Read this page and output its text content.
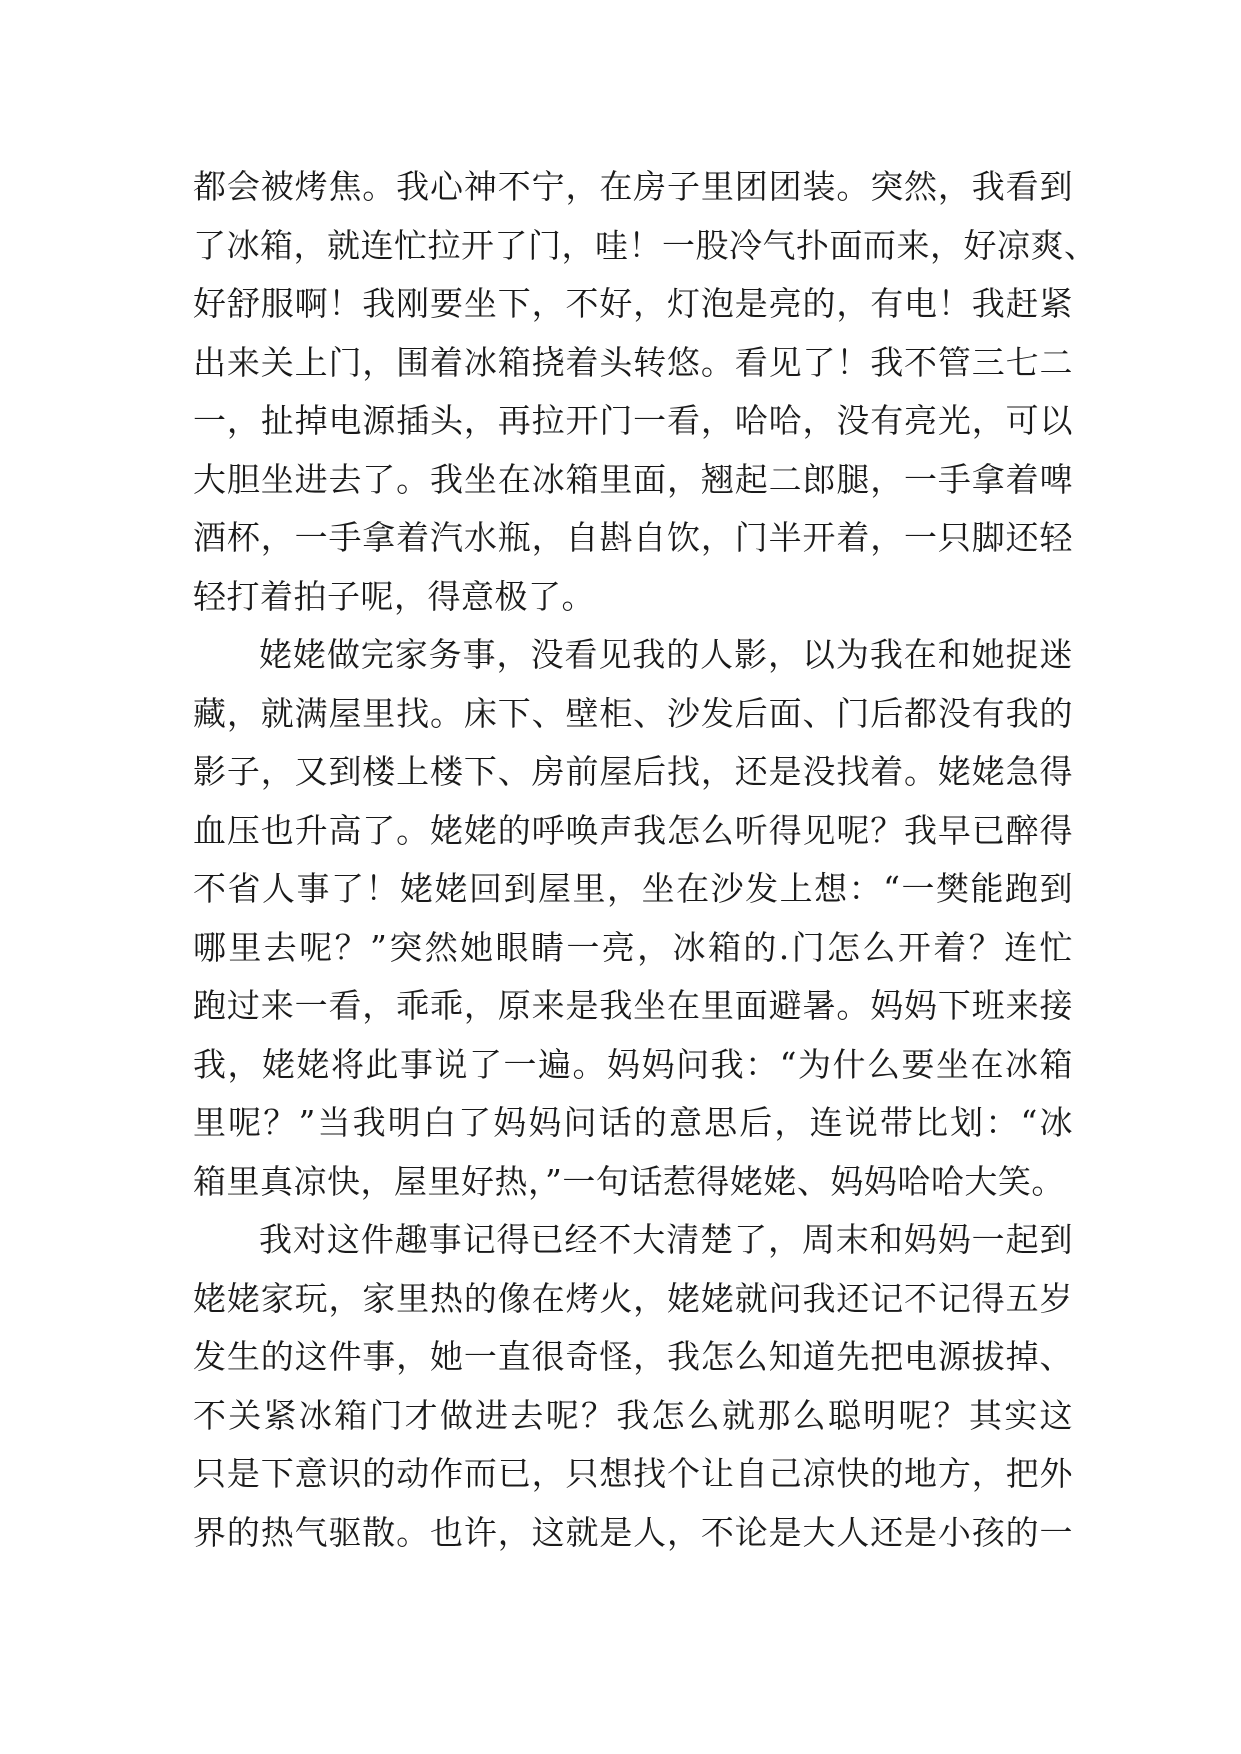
都会被烤焦。我心神不宁，在房子里团团装。突然，我看到
了冰箱，就连忙拉开了门，哇！一股冷气扑面而来，好凉爽、
好舒服啊！我刚要坐下，不好，灯泡是亮的，有电！我赶紧
出来关上门，围着冰箱挠着头转悠。看见了！我不管三七二
一，扯掉电源插头，再拉开门一看，哈哈，没有亮光，可以
大胆坐进去了。我坐在冰箱里面，翘起二郎腿，一手拿着啤
酒杯，一手拿着汽水瓶，自斟自饮，门半开着，一只脚还轻
轻打着拍子呢，得意极了。
姥姥做完家务事，没看见我的人影，以为我在和她捉迷
藏，就满屋里找。床下、壁柜、沙发后面、门后都没有我的
影子，又到楼上楼下、房前屋后找，还是没找着。姥姥急得
血压也升高了。姥姥的呼唤声我怎么听得见呢？我早已醉得
不省人事了！姥姥回到屋里，坐在沙发上想：“一樊能跑到
哪里去呢？”突然她眼睛一亮，冰箱的.门怎么开着？连忙
跑过来一看，乖乖，原来是我坐在里面避暑。妈妈下班来接
我，姥姥将此事说了一遍。妈妈问我：“为什么要坐在冰箱
里呢？”当我明白了妈妈问话的意思后，连说带比划：“冰
箱里真凉快，屋里好热，”一句话惹得姥姥、妈妈哈哈大笑。
我对这件趣事记得已经不大清楚了，周末和妈妈一起到
姥姥家玩，家里热的像在烤火，姥姥就问我还记不记得五岁
发生的这件事，她一直很奇怪，我怎么知道先把电源拔掉、
不关紧冰箱门才做进去呢？我怎么就那么聪明呢？其实这
只是下意识的动作而已，只想找个让自己凉快的地方，把外
界的热气驱散。也许，这就是人，不论是大人还是小孩的一
